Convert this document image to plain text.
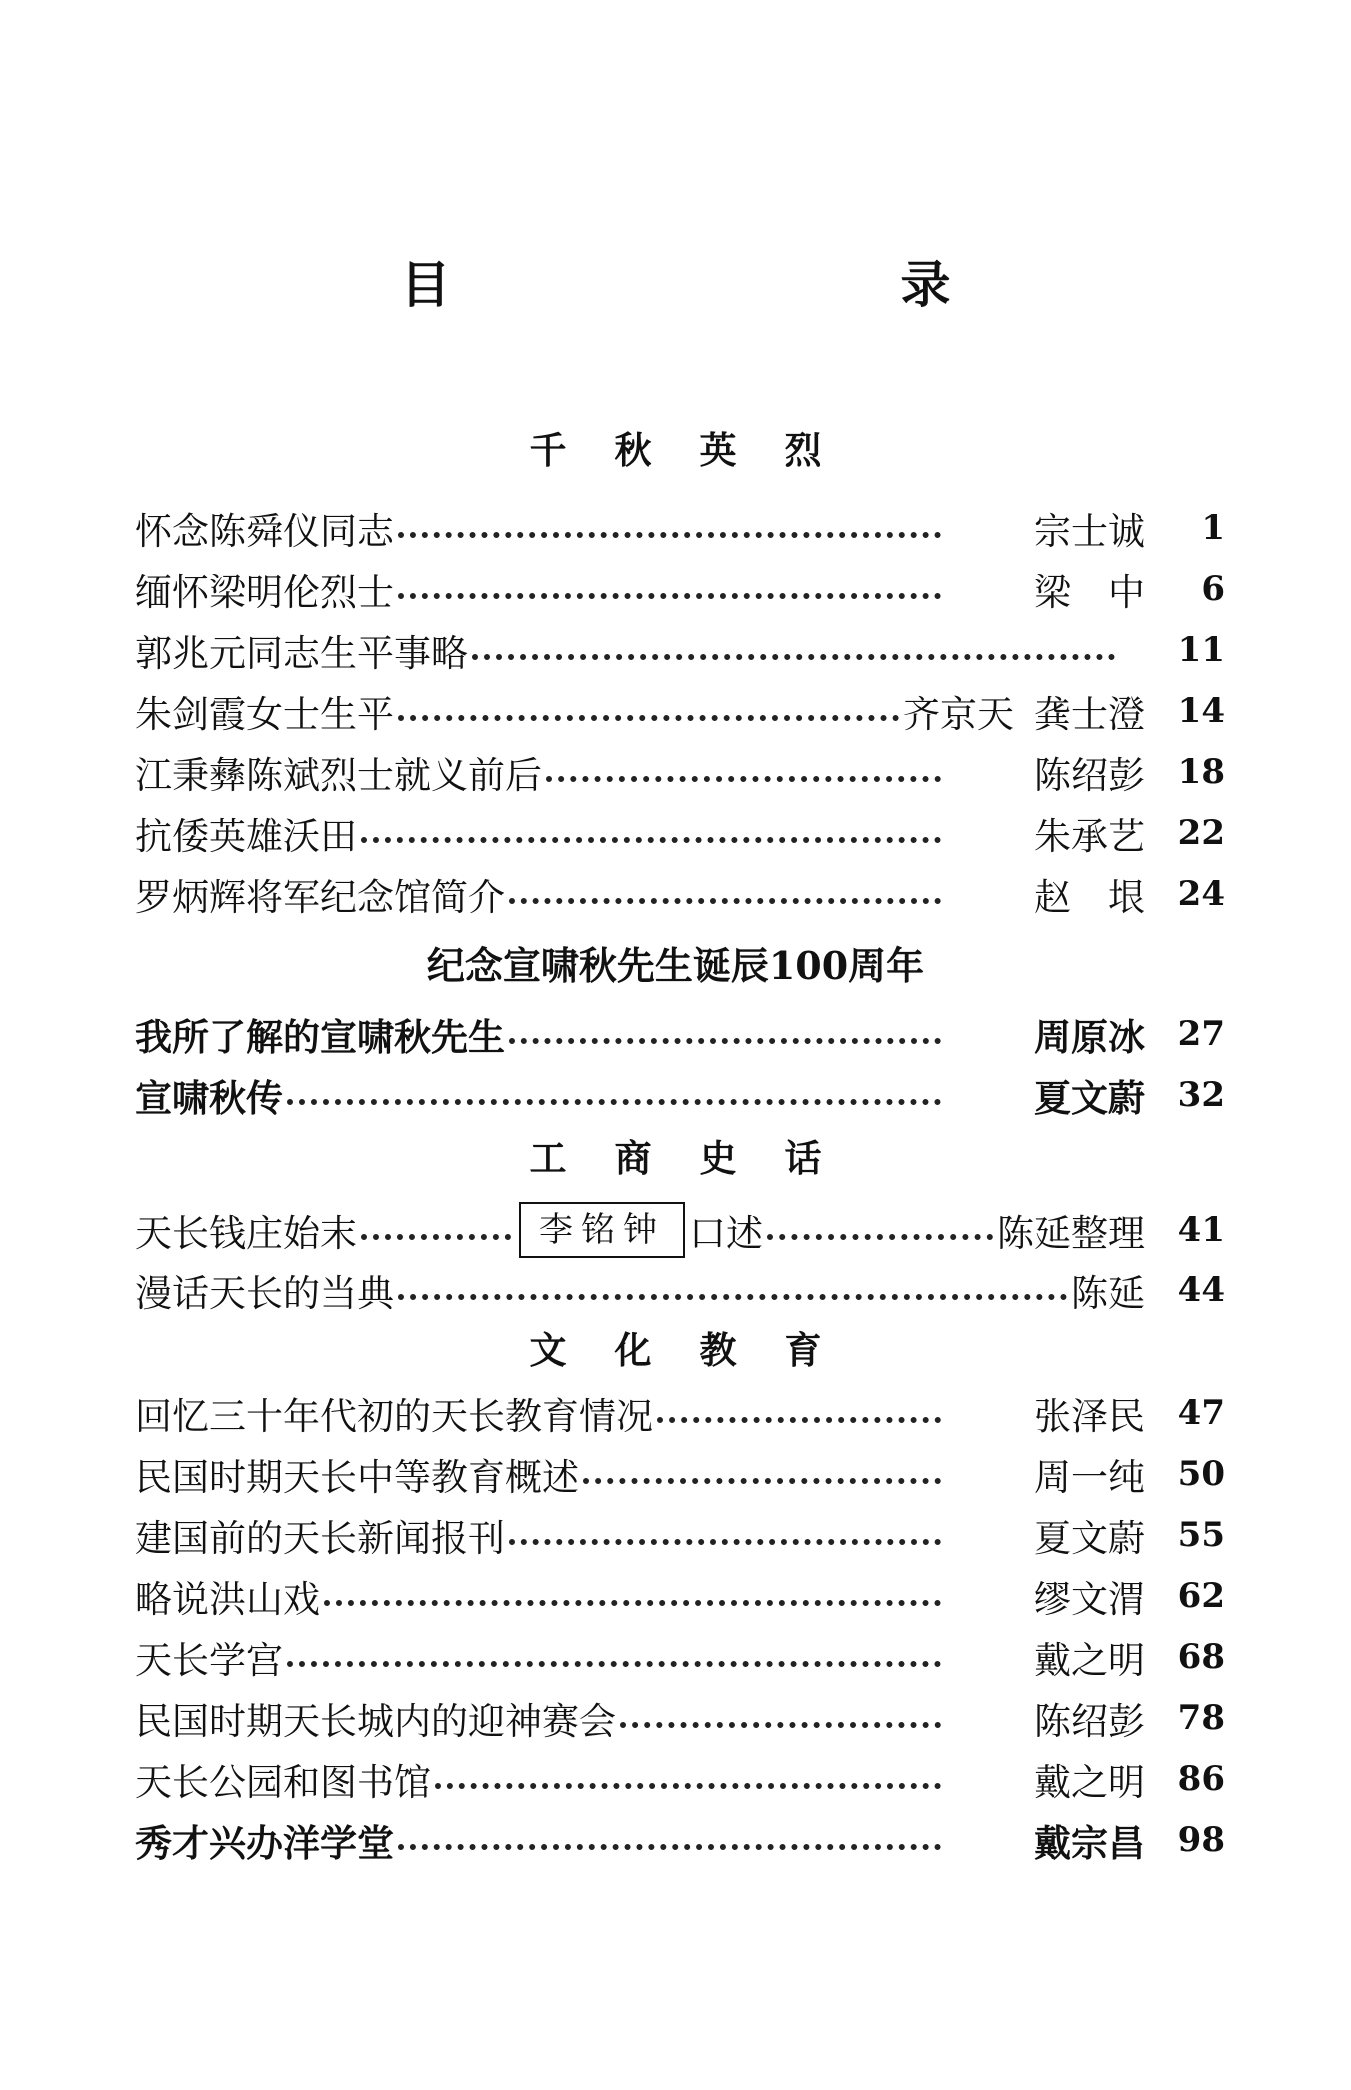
目　录
千秋英烈
怀念陈舜仪同志	宗士诚	1
缅怀梁明伦烈士	梁　中	6
郭兆元同志生平事略	11
朱剑霞女士生平	齐京天 龚士澄 14
江秉彝陈斌烈士就义前后	陈绍彭 18
抗倭英雄沃田	朱承艺 22
罗炳辉将军纪念馆简介	赵　垠 24
纪念宣啸秋先生诞辰100周年
我所了解的宣啸秋先生	周原冰 27
宣啸秋传	夏文蔚 32
工商史话
天长钱庄始末	李铭钟 口述	陈延整理 41
漫话天长的当典	陈延 44
文化教育
回忆三十年代初的天长教育情况	张泽民 47
民国时期天长中等教育概述	周一纯 50
建国前的天长新闻报刊	夏文蔚 55
略说洪山戏	缪文渭 62
天长学宫	戴之明 68
民国时期天长城内的迎神赛会	陈绍彭 78
天长公园和图书馆	戴之明 86
秀才兴办洋学堂	戴宗昌 98
